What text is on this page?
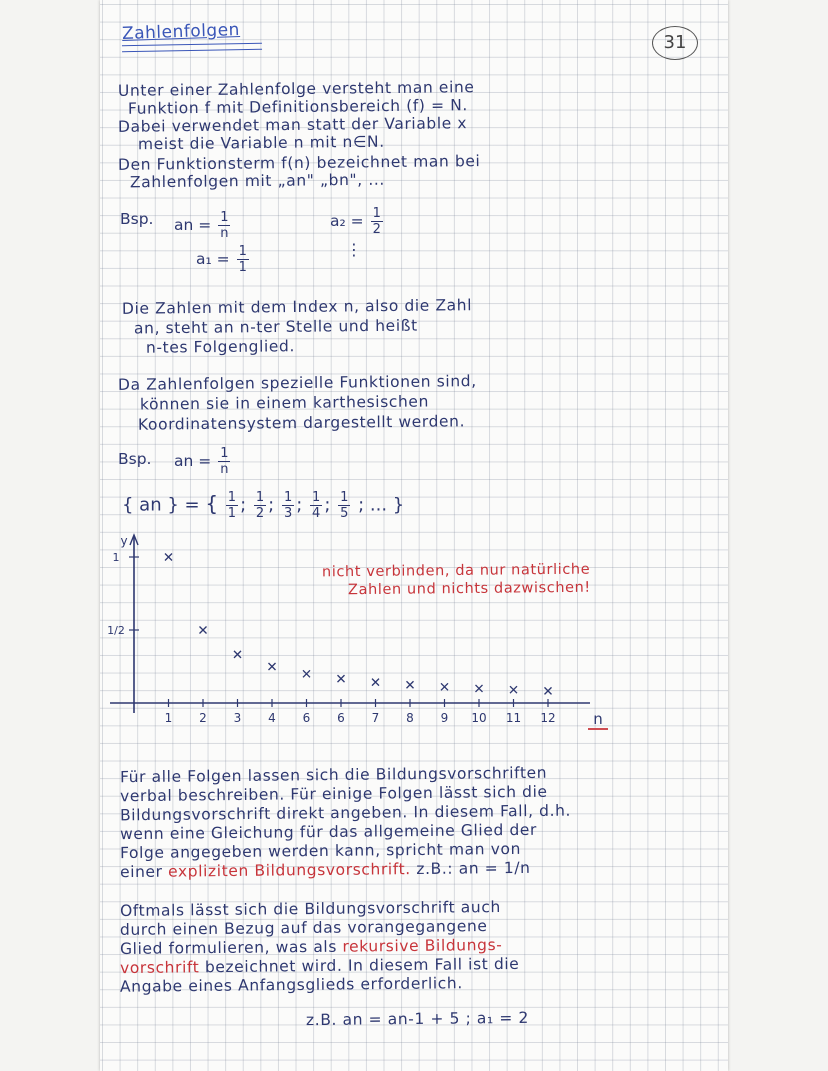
Zahlenfolgen	31
Unter einer Zahlenfolge versteht man eine
Funktion f mit Definitionsbereich (f) = N.
Dabei verwendet man statt der Variable x
meist die Variable n mit n∈N.
Den Funktionsterm f(n) bezeichnet man bei
Zahlenfolgen mit „an" „bn", ...
Bsp. an = $\frac{1}{n}$	$a_2 = \frac{1}{2}$
$a_1 = \frac{1}{1}$	⋮
Die Zahlen mit dem Index n, also die Zahl
an, steht an n-ter Stelle und heißt
n-tes Folgenglied.
Da Zahlenfolgen spezielle Funktionen sind,
können sie in einem karthesischen
Koordinatensystem dargestellt werden.
Bsp. an = $\frac{1}{n}$
{ an } = { $\frac{1}{1}$ ; $\frac{1}{2}$ ; $\frac{1}{3}$ ; $\frac{1}{4}$ ; $\frac{1}{5}$ ; ... }
nicht verbinden, da nur natürliche
Zahlen und nichts dazwischen!
y
n
1 2 3 4 6 6 7 8 9 10 11 12
1
1/2
Für alle Folgen lassen sich die Bildungsvorschriften
verbal beschreiben. Für einige Folgen lässt sich die
Bildungsvorschrift direkt angeben. In diesem Fall, d.h.
wenn eine Gleichung für das allgemeine Glied der
Folge angegeben werden kann, spricht man von
einer expliziten Bildungsvorschrift. z.B.: an = 1/n
Oftmals lässt sich die Bildungsvorschrift auch
durch einen Bezug auf das vorangegangene
Glied formulieren, was als rekursive Bildungs-
vorschrift bezeichnet wird. In diesem Fall ist die
Angabe eines Anfangsglieds erforderlich.
z.B. an = an-1 + 5 ; a₁ = 2
